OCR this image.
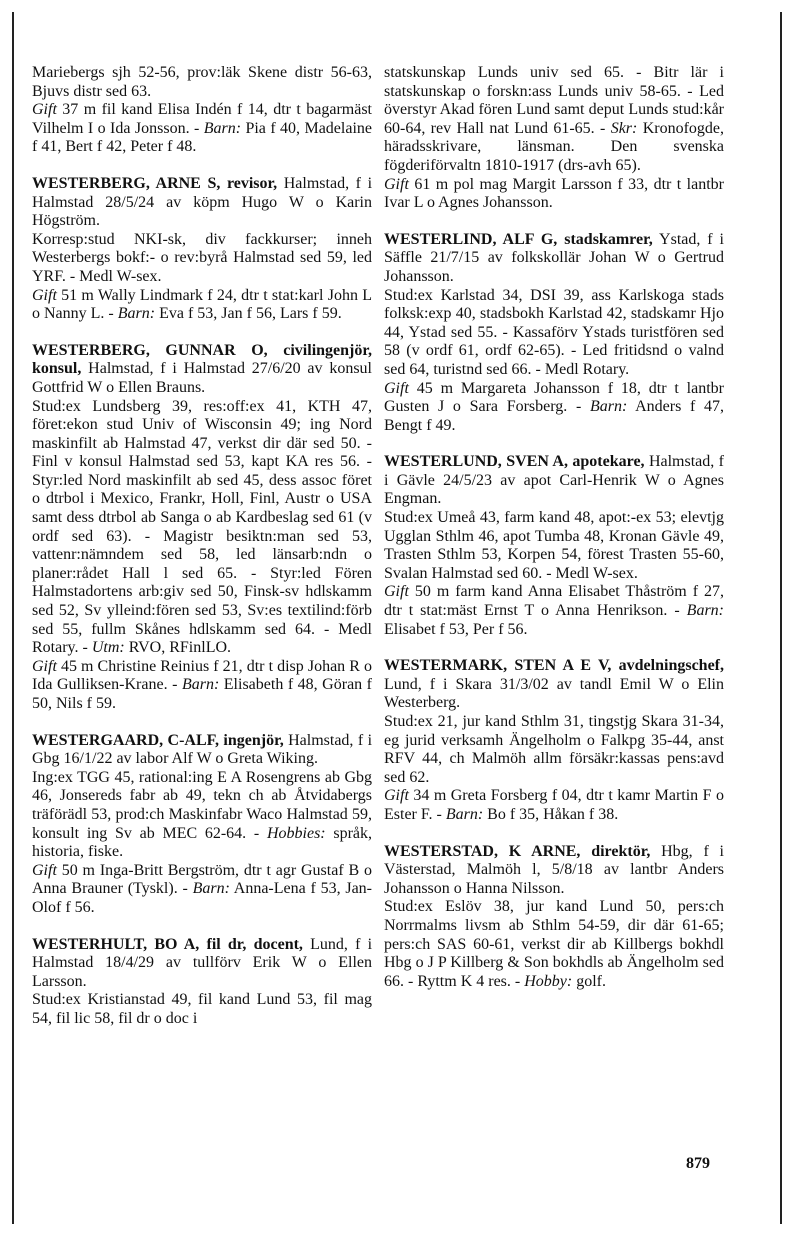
Mariebergs sjh 52-56, prov:läk Skene distr 56-63, Bjuvs distr sed 63.

Gift 37 m fil kand Elisa Indén f 14, dtr t bagarmäst Vilhelm I o Ida Jonsson. - Barn: Pia f 40, Madelaine f 41, Bert f 42, Peter f 48.

WESTERBERG, ARNE S, revisor, Halmstad, f i Halmstad 28/5/24 av köpm Hugo W o Karin Högström.

Korresp:stud NKI-sk, div fackkurser; inneh Westerbergs bokf:- o rev:byrå Halmstad sed 59, led YRF. - Medl W-sex.

Gift 51 m Wally Lindmark f 24, dtr t stat:karl John L o Nanny L. - Barn: Eva f 53, Jan f 56, Lars f 59.

WESTERBERG, GUNNAR O, civilingenjör, konsul, Halmstad, f i Halmstad 27/6/20 av konsul Gottfrid W o Ellen Brauns.

Stud:ex Lundsberg 39, res:off:ex 41, KTH 47, föret:ekon stud Univ of Wisconsin 49; ing Nord maskinfilt ab Halmstad 47, verkst dir där sed 50. - Finl v konsul Halmstad sed 53, kapt KA res 56. - Styr:led Nord maskinfilt ab sed 45, dess assoc föret o dtrbol i Mexico, Frankr, Holl, Finl, Austr o USA samt dess dtrbol ab Sanga o ab Kardbeslag sed 61 (v ordf sed 63). - Magistr besiktn:man sed 53, vattenr:nämndem sed 58, led länsarb:ndn o planer:rådet Hall l sed 65. - Styr:led Fören Halmstadortens arb:giv sed 50, Finsk-sv hdlskamm sed 52, Sv ylleind:fören sed 53, Sv:es textilind:förb sed 55, fullm Skånes hdlskamm sed 64. - Medl Rotary. - Utm: RVO, RFinlLO.

Gift 45 m Christine Reinius f 21, dtr t disp Johan R o Ida Gulliksen-Krane. - Barn: Elisabeth f 48, Göran f 50, Nils f 59.

WESTERGAARD, C-ALF, ingenjör, Halmstad, f i Gbg 16/1/22 av labor Alf W o Greta Wiking.

Ing:ex TGG 45, rational:ing E A Rosengrens ab Gbg 46, Jonsereds fabr ab 49, tekn ch ab Åtvidabergs träförädl 53, prod:ch Maskinfabr Waco Halmstad 59, konsult ing Sv ab MEC 62-64. - Hobbies: språk, historia, fiske.

Gift 50 m Inga-Britt Bergström, dtr t agr Gustaf B o Anna Brauner (Tyskl). - Barn: Anna-Lena f 53, Jan-Olof f 56.

WESTERHULT, BO A, fil dr, docent, Lund, f i Halmstad 18/4/29 av tullförv Erik W o Ellen Larsson.

Stud:ex Kristianstad 49, fil kand Lund 53, fil mag 54, fil lic 58, fil dr o doc i

statskunskap Lunds univ sed 65. - Bitr lär i statskunskap o forskn:ass Lunds univ 58-65. - Led överstyr Akad fören Lund samt deput Lunds stud:kår 60-64, rev Hall nat Lund 61-65. - Skr: Kronofogde, häradsskrivare, länsman. Den svenska fögderiförvaltn 1810-1917 (drs-avh 65).

Gift 61 m pol mag Margit Larsson f 33, dtr t lantbr Ivar L o Agnes Johansson.

WESTERLIND, ALF G, stadskamrer, Ystad, f i Säffle 21/7/15 av folkskollär Johan W o Gertrud Johansson.

Stud:ex Karlstad 34, DSI 39, ass Karlskoga stads folksk:exp 40, stadsbokh Karlstad 42, stadskamr Hjo 44, Ystad sed 55. - Kassaförv Ystads turistfören sed 58 (v ordf 61, ordf 62-65). - Led fritidsnd o valnd sed 64, turistnd sed 66. - Medl Rotary.

Gift 45 m Margareta Johansson f 18, dtr t lantbr Gusten J o Sara Forsberg. - Barn: Anders f 47, Bengt f 49.

WESTERLUND, SVEN A, apotekare, Halmstad, f i Gävle 24/5/23 av apot Carl-Henrik W o Agnes Engman.

Stud:ex Umeå 43, farm kand 48, apot:-ex 53; elevtjg Ugglan Sthlm 46, apot Tumba 48, Kronan Gävle 49, Trasten Sthlm 53, Korpen 54, förest Trasten 55-60, Svalan Halmstad sed 60. - Medl W-sex.

Gift 50 m farm kand Anna Elisabet Thåström f 27, dtr t stat:mäst Ernst T o Anna Henrikson. - Barn: Elisabet f 53, Per f 56.

WESTERMARK, STEN A E V, avdelningschef, Lund, f i Skara 31/3/02 av tandl Emil W o Elin Westerberg.

Stud:ex 21, jur kand Sthlm 31, tingstjg Skara 31-34, eg jurid verksamh Ängelholm o Falkpg 35-44, anst RFV 44, ch Malmöh allm försäkr:kassas pens:avd sed 62.

Gift 34 m Greta Forsberg f 04, dtr t kamr Martin F o Ester F. - Barn: Bo f 35, Håkan f 38.

WESTERSTAD, K ARNE, direktör, Hbg, f i Västerstad, Malmöh l, 5/8/18 av lantbr Anders Johansson o Hanna Nilsson.

Stud:ex Eslöv 38, jur kand Lund 50, pers:ch Norrmalms livsm ab Sthlm 54-59, dir där 61-65; pers:ch SAS 60-61, verkst dir ab Killbergs bokhdl Hbg o J P Killberg & Son bokhdls ab Ängelholm sed 66. - Ryttm K 4 res. - Hobby: golf.

879
